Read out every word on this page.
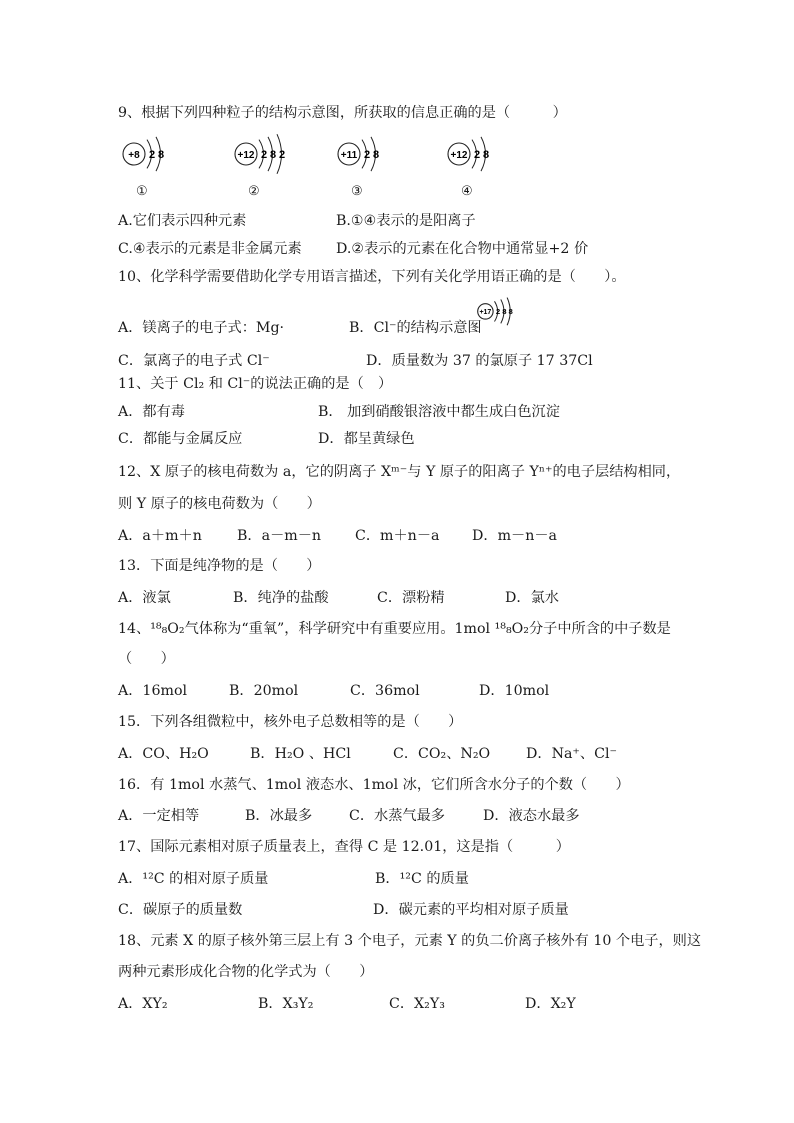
9、根据下列四种粒子的结构示意图，所获取的信息正确的是（　　　）
+8 2 8
①
+12 2 8 2
②
+11 2 8
③
+12 2 8
④
A.它们表示四种元素	B.①④表示的是阳离子
C.④表示的元素是非金属元素 D.②表示的元素在化合物中通常显+2 价
10、化学科学需要借助化学专用语言描述，下列有关化学用语正确的是（　　）。
A．镁离子的电子式：Mg·	B．Cl⁻的结构示意图
+17 2 8 8
C．氯离子的电子式 Cl⁻	D．质量数为 37 的氯原子 17 37Cl
11、关于 Cl₂ 和 Cl⁻的说法正确的是（　）
A．都有毒	B． 加到硝酸银溶液中都生成白色沉淀
C．都能与金属反应	D．都呈黄绿色
12、X 原子的核电荷数为 a，它的阴离子 Xᵐ⁻与 Y 原子的阳离子 Yⁿ⁺的电子层结构相同，
则 Y 原子的核电荷数为（　　）
A．a＋m＋n B．a－m－n C．m＋n－a D．m－n－a
13．下面是纯净物的是（　　）
A．液氯	B．纯净的盐酸	C．漂粉精	D．氯水
14、¹⁸₈O₂气体称为“重氧”，科学研究中有重要应用。1mol ¹⁸₈O₂分子中所含的中子数是
（　　）
A．16mol	B．20mol	C．36mol	D．10mol
15．下列各组微粒中，核外电子总数相等的是（　　）
A．CO、H₂O	B．H₂O 、HCl	C．CO₂、N₂O	D．Na⁺、Cl⁻
16．有 1mol 水蒸气、1mol 液态水、1mol 冰，它们所含水分子的个数（　　）
A．一定相等	B．冰最多	C．水蒸气最多	D．液态水最多
17、国际元素相对原子质量表上，查得 C 是 12.01，这是指（　　　）
A．¹²C 的相对原子质量	B．¹²C 的质量
C．碳原子的质量数	D．碳元素的平均相对原子质量
18、元素 X 的原子核外第三层上有 3 个电子，元素 Y 的负二价离子核外有 10 个电子，则这
两种元素形成化合物的化学式为（　　）
A．XY₂	B．X₃Y₂	C．X₂Y₃	D．X₂Y
